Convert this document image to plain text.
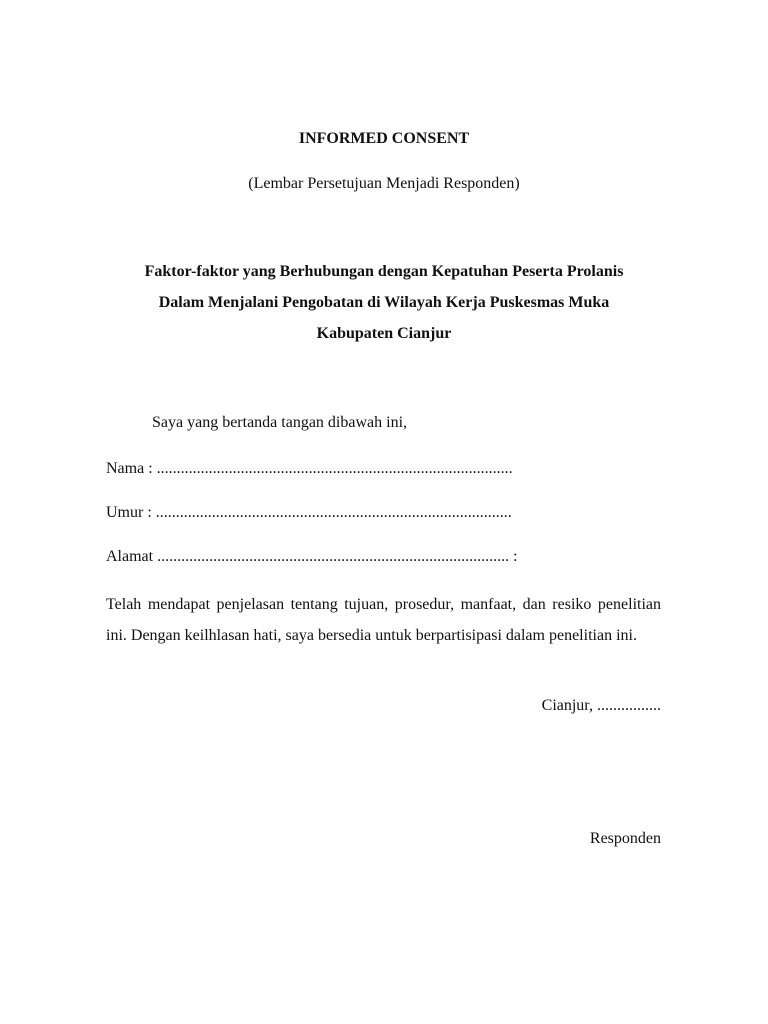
INFORMED CONSENT
(Lembar Persetujuan Menjadi Responden)
Faktor-faktor yang Berhubungan dengan Kepatuhan Peserta Prolanis
Dalam Menjalani Pengobatan di Wilayah Kerja Puskesmas Muka
Kabupaten Cianjur
Saya yang bertanda tangan dibawah ini,
Nama : .........................................................................................
Umur : .........................................................................................
Alamat ........................................................................................ :

Telah mendapat penjelasan tentang tujuan, prosedur, manfaat, dan resiko penelitian ini. Dengan keilhlasan hati, saya bersedia untuk berpartisipasi dalam penelitian ini.

Cianjur, ................
Responden
